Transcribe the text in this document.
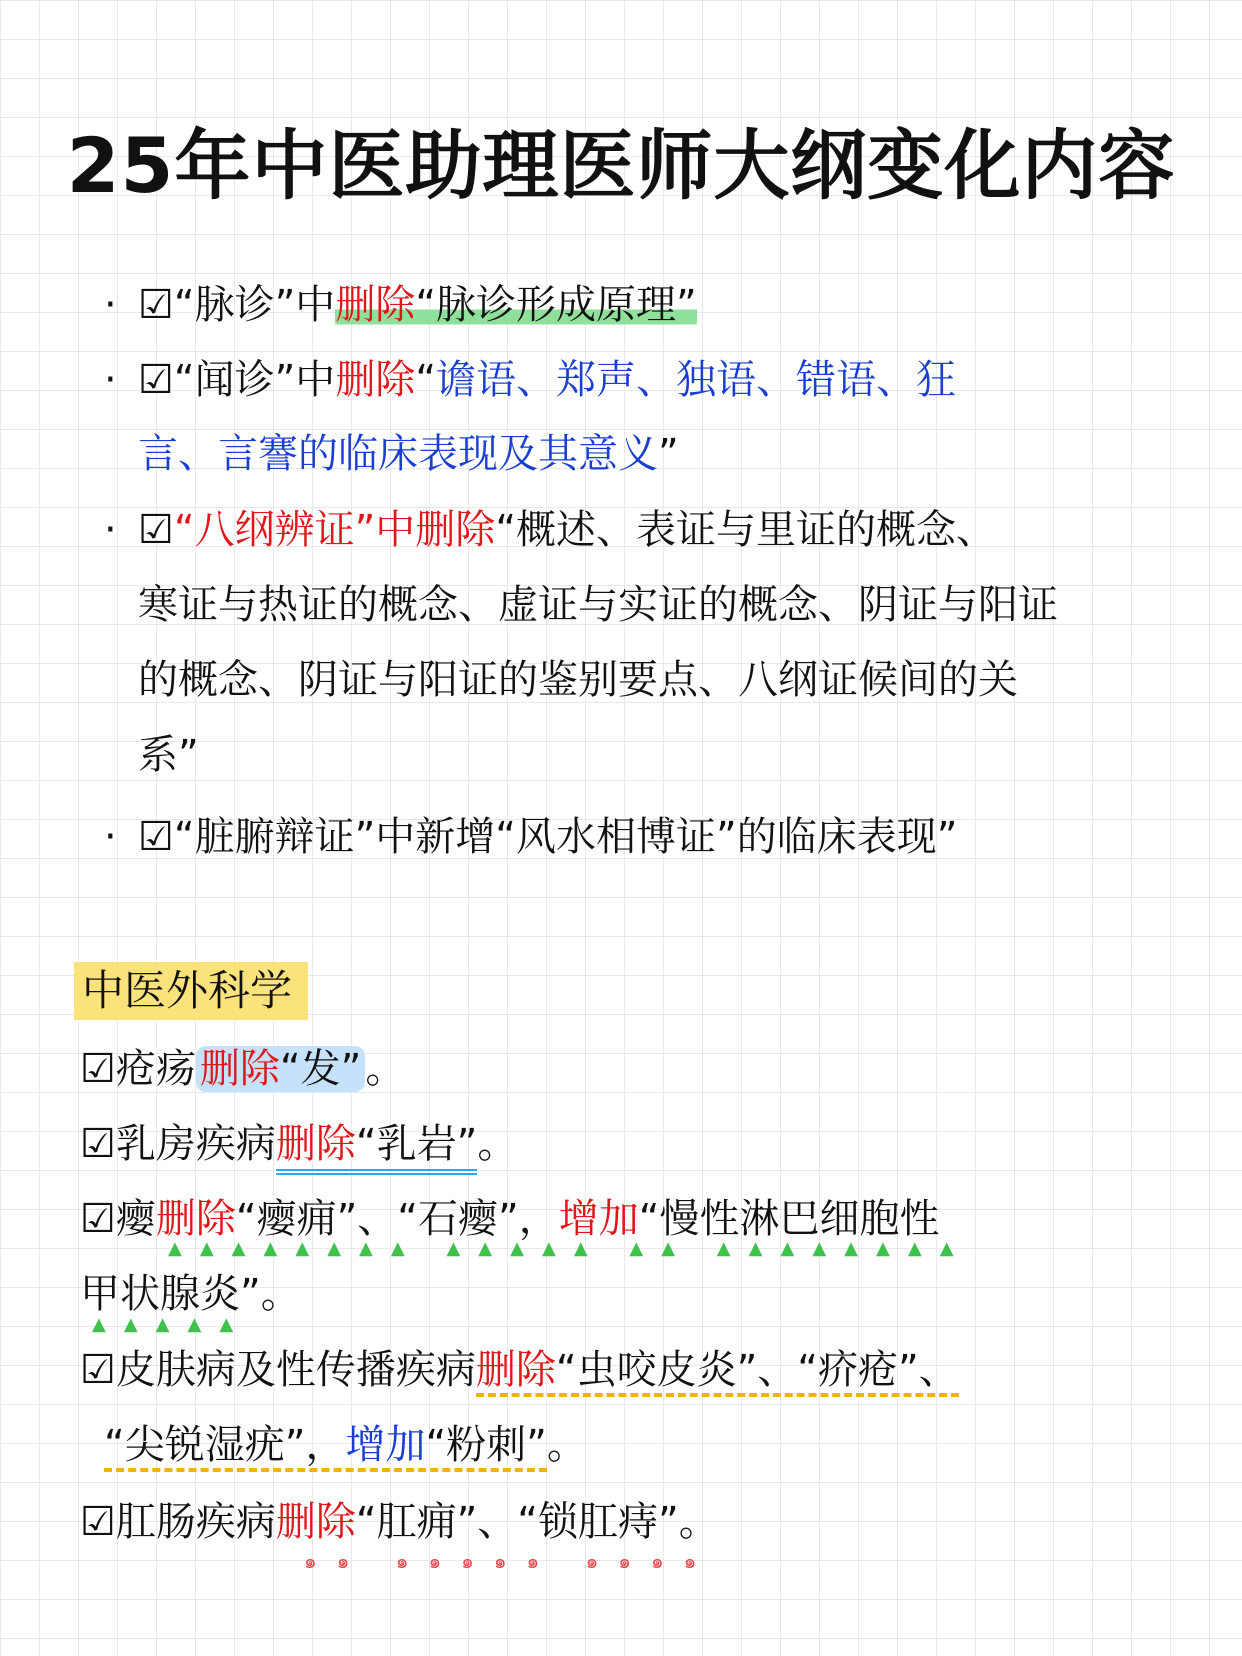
25年中医助理医师大纲变化内容
· ☑“脉诊”中删除“脉诊形成原理”
· ☑“闻诊”中删除“谵语、郑声、独语、错语、狂
言、言謇的临床表现及其意义”
· ☑“八纲辨证”中删除“概述、表证与里证的概念、
寒证与热证的概念、虚证与实证的概念、阴证与阳证
的概念、阴证与阳证的鉴别要点、八纲证候间的关
系”
· ☑“脏腑辩证”中新增“风水相博证”的临床表现”
中医外科学
☑疮疡 删除“发” 。
☑乳房疾病删除“乳岩”。
☑瘿删除“瘿痈”、“石瘿”，增加“慢性淋巴细胞性
▲▲▲▲▲▲▲▲ ▲▲▲▲▲ ▲▲ ▲▲▲▲▲▲▲▲
甲状腺炎”。
▲▲▲▲▲
☑皮肤病及性传播疾病删除“虫咬皮炎”、“疥疮”、
“尖锐湿疣”，增加“粉刺”。
☑肛肠疾病删除“肛痈”、“锁肛痔”。
๑๑ ๑๑๑๑๑ ๑๑๑๑
